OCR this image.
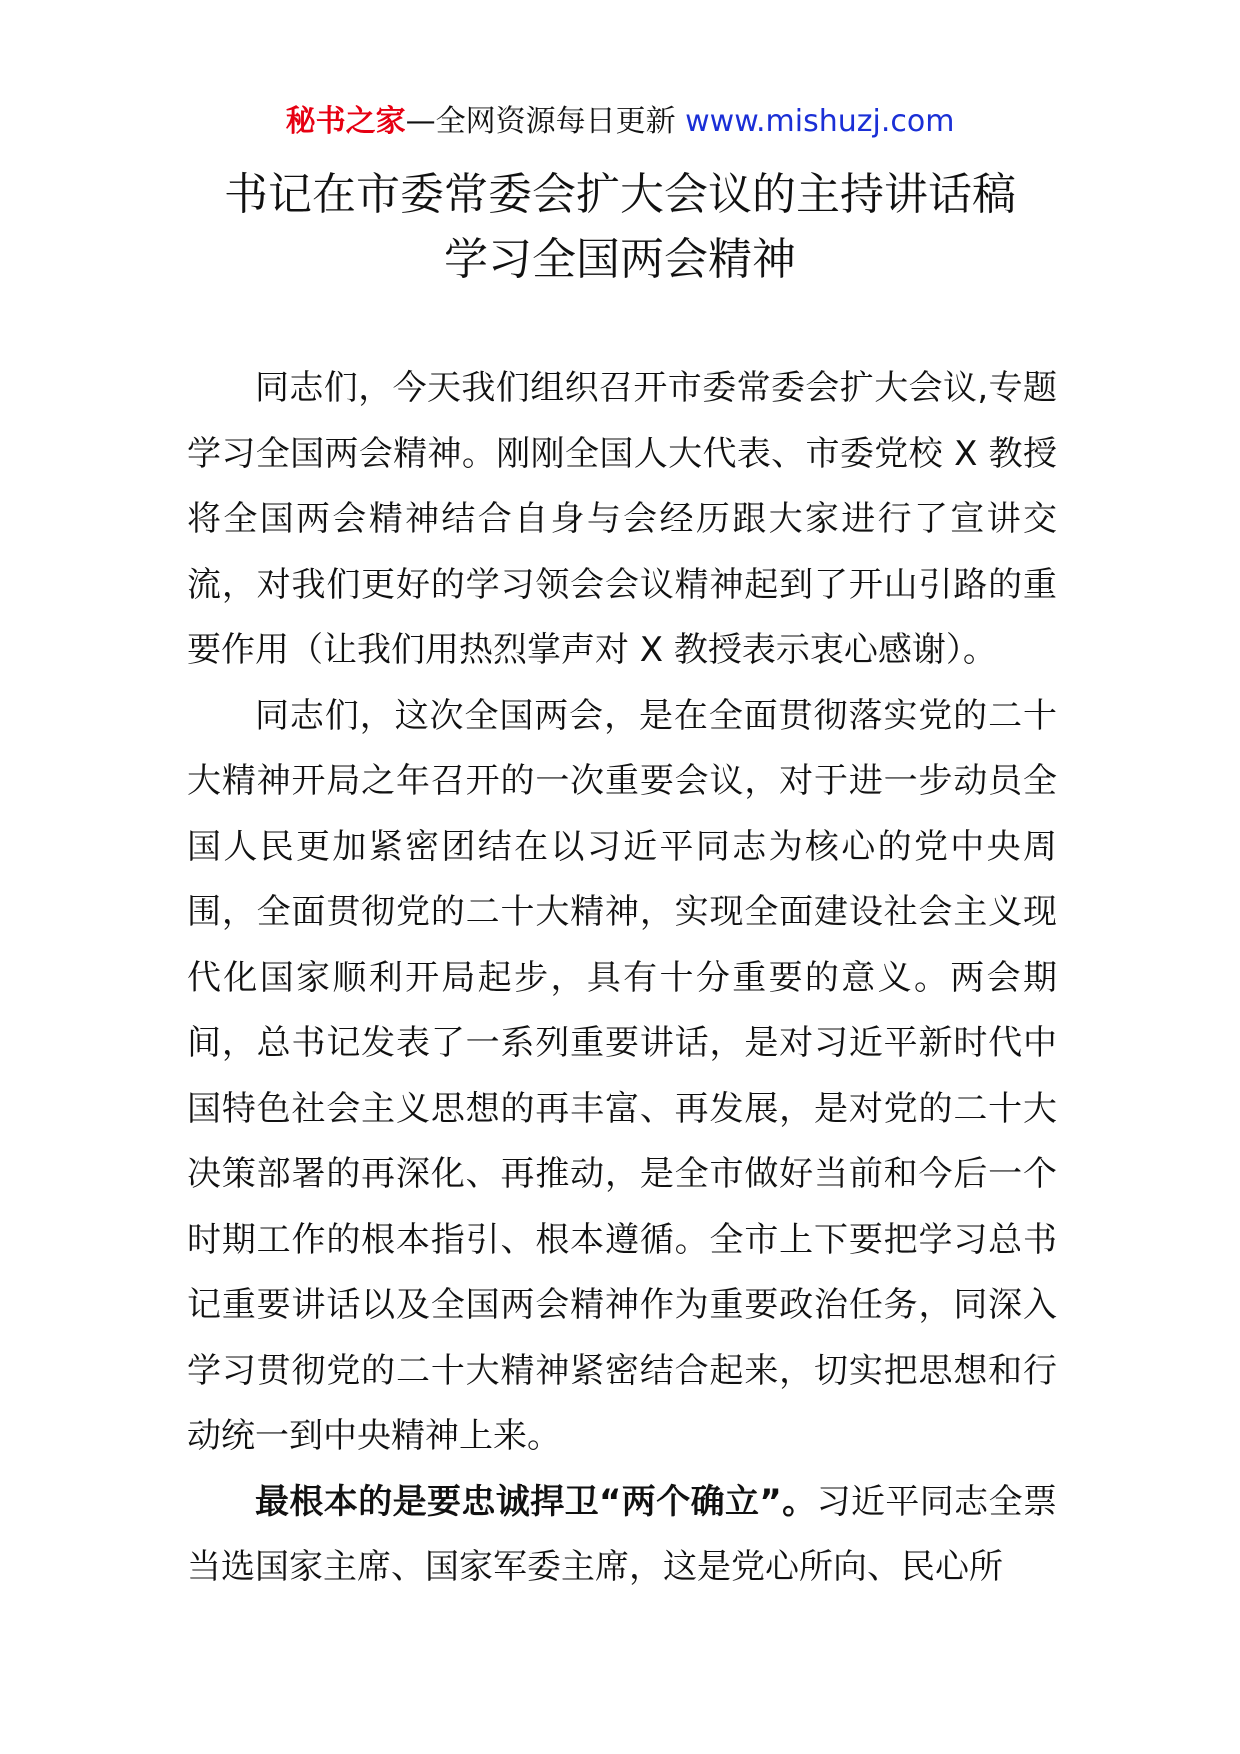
秘书之家—全网资源每日更新 www.mishuzj.com
书记在市委常委会扩大会议的主持讲话稿
学习全国两会精神

同志们，今天我们组织召开市委常委会扩大会议,专题学习全国两会精神。刚刚全国人大代表、市委党校 X 教授将全国两会精神结合自身与会经历跟大家进行了宣讲交流，对我们更好的学习领会会议精神起到了开山引路的重要作用（让我们用热烈掌声对 X 教授表示衷心感谢）。

同志们，这次全国两会，是在全面贯彻落实党的二十大精神开局之年召开的一次重要会议，对于进一步动员全国人民更加紧密团结在以习近平同志为核心的党中央周围，全面贯彻党的二十大精神，实现全面建设社会主义现代化国家顺利开局起步，具有十分重要的意义。两会期间，总书记发表了一系列重要讲话，是对习近平新时代中国特色社会主义思想的再丰富、再发展，是对党的二十大决策部署的再深化、再推动，是全市做好当前和今后一个时期工作的根本指引、根本遵循。全市上下要把学习总书记重要讲话以及全国两会精神作为重要政治任务，同深入学习贯彻党的二十大精神紧密结合起来，切实把思想和行动统一到中央精神上来。

最根本的是要忠诚捍卫“两个确立”。习近平同志全票当选国家主席、国家军委主席，这是党心所向、民心所
